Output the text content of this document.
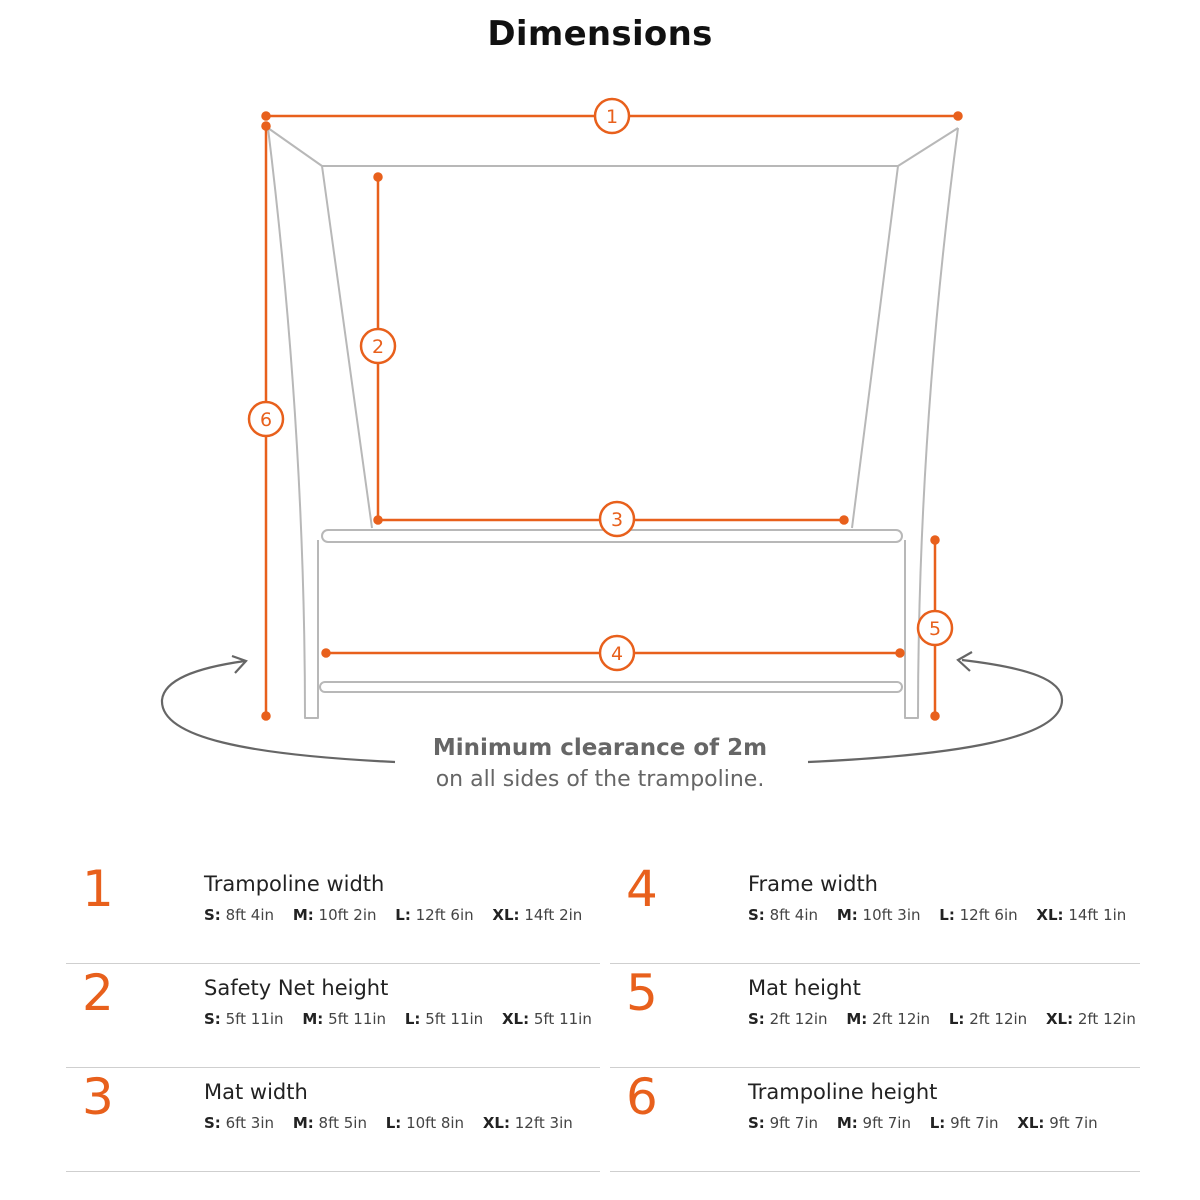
Dimensions
1
2
3
4
5
6
Minimum clearance of 2m
on all sides of the trampoline.
1	Trampoline width
S: 8ft 4in M: 10ft 2in L: 12ft 6in XL: 14ft 2in
2	Safety Net height
S: 5ft 11in M: 5ft 11in L: 5ft 11in XL: 5ft 11in
3	Mat width
S: 6ft 3in M: 8ft 5in L: 10ft 8in XL: 12ft 3in
4	Frame width
S: 8ft 4in M: 10ft 3in L: 12ft 6in XL: 14ft 1in
5	Mat height
S: 2ft 12in M: 2ft 12in L: 2ft 12in XL: 2ft 12in
6	Trampoline height
S: 9ft 7in M: 9ft 7in L: 9ft 7in XL: 9ft 7in
